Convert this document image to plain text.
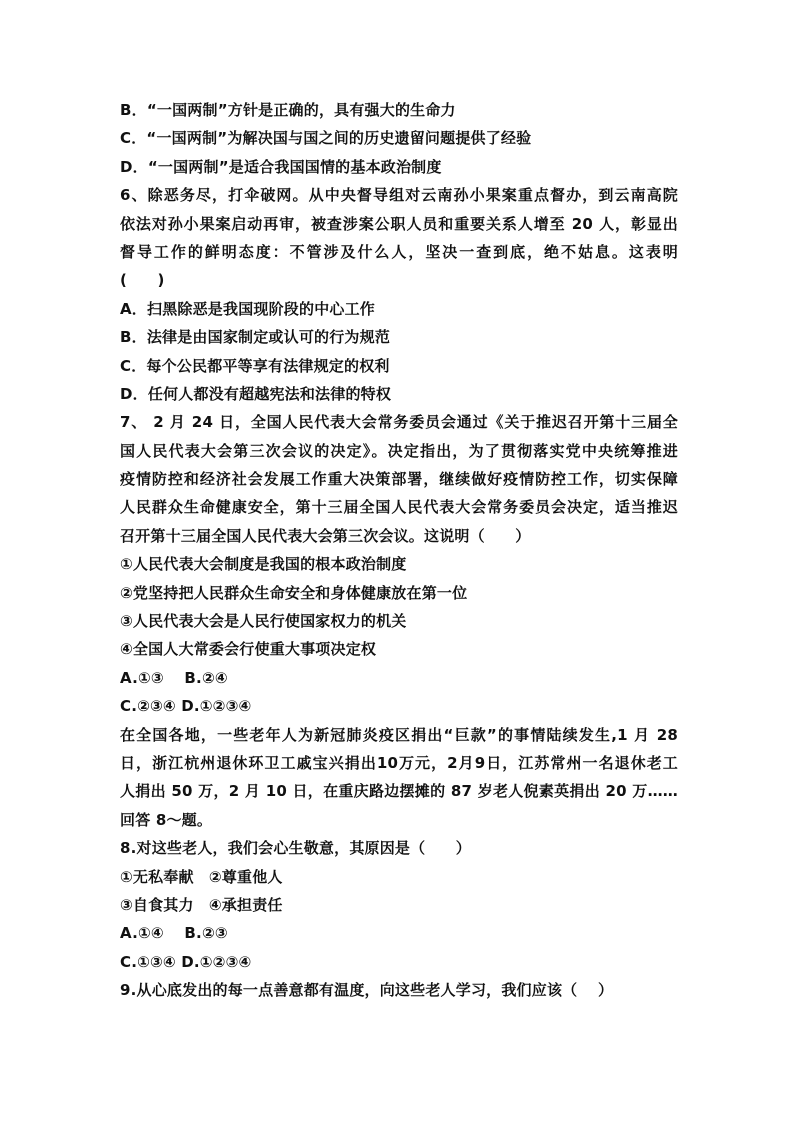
B．“一国两制”方针是正确的，具有强大的生命力
C．“一国两制”为解决国与国之间的历史遗留问题提供了经验
D．“一国两制”是适合我国国情的基本政治制度
6、除恶务尽，打伞破网。从中央督导组对云南孙小果案重点督办，到云南高院
依法对孙小果案启动再审，被查涉案公职人员和重要关系人增至 20 人，彰显出
督导工作的鲜明态度：不管涉及什么人，坚决一查到底，绝不姑息。这表明
(　　)
A．扫黑除恶是我国现阶段的中心工作
B．法律是由国家制定或认可的行为规范
C．每个公民都平等享有法律规定的权利
D．任何人都没有超越宪法和法律的特权
7、 2 月 24 日，全国人民代表大会常务委员会通过《关于推迟召开第十三届全
国人民代表大会第三次会议的决定》。决定指出，为了贯彻落实党中央统筹推进
疫情防控和经济社会发展工作重大决策部署，继续做好疫情防控工作，切实保障
人民群众生命健康安全，第十三届全国人民代表大会常务委员会决定，适当推迟
召开第十三届全国人民代表大会第三次会议。这说明（　　）
①人民代表大会制度是我国的根本政治制度
②党坚持把人民群众生命安全和身体健康放在第一位
③人民代表大会是人民行使国家权力的机关
④全国人大常委会行使重大事项决定权
A.①③　 B.②④
C.②③④ D.①②③④
在全国各地，一些老年人为新冠肺炎疫区捐出“巨款”的事情陆续发生,1 月 28
日，浙江杭州退休环卫工戚宝兴捐出10万元，2月9日，江苏常州一名退休老工
人捐出 50 万，2 月 10 日，在重庆路边摆摊的 87 岁老人倪素英捐出 20 万……
回答 8～题。
8.对这些老人，我们会心生敬意，其原因是（　　）
①无私奉献　②尊重他人
③自食其力　④承担责任
A.①④　 B.②③
C.①③④ D.①②③④
9.从心底发出的每一点善意都有温度，向这些老人学习，我们应该（　 ）
